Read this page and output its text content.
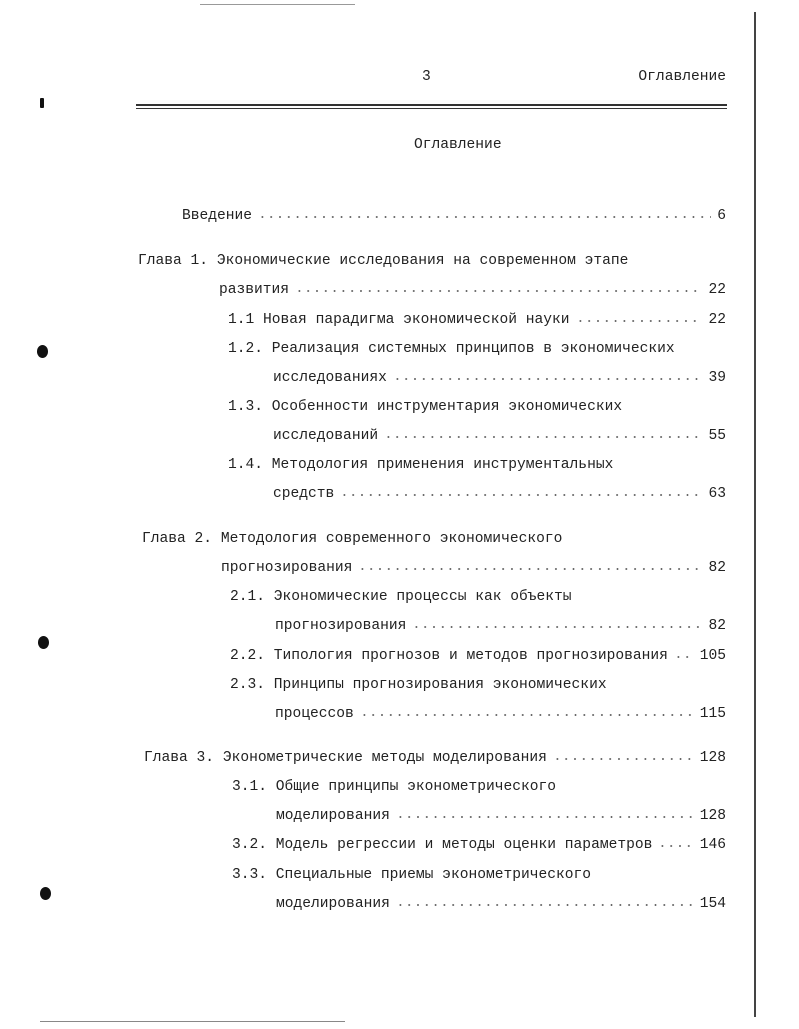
3	Оглавление
Оглавление
Введение	6
Глава 1. Экономические исследования на современном этапе
развития	22
1.1 Новая парадигма экономической науки	22
1.2. Реализация системных принципов в экономических
исследованиях	39
1.3. Особенности инструментария экономических
исследований	55
1.4. Методология применения инструментальных
средств	63
Глава 2. Методология современного экономического
прогнозирования	82
2.1. Экономические процессы как объекты
прогнозирования	82
2.2. Типология прогнозов и методов прогнозирования 105
2.3. Принципы прогнозирования экономических
процессов	115
Глава 3. Эконометрические методы моделирования	128
3.1. Общие принципы эконометрического
моделирования	128
3.2. Модель регрессии и методы оценки параметров	146
3.3. Специальные приемы эконометрического
моделирования	154
